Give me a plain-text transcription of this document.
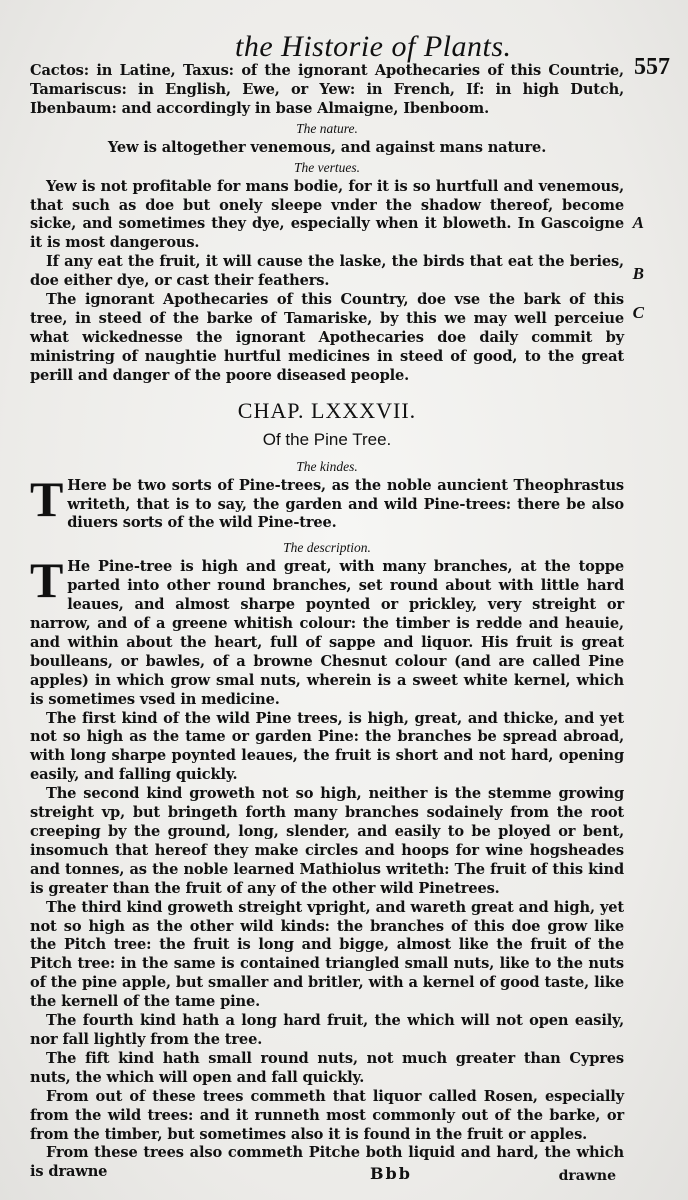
the Historie of Plants.
557

Cactos: in Latine, Taxus: of the ignorant Apothecaries of this Countrie, Tamariscus: in English, Ewe, or Yew: in French, If: in high Dutch, Ibenbaum: and accordingly in base Almaigne, Ibenboom.

The nature.

Yew is altogether venemous, and against mans nature.

The vertues.

Yew is not profitable for mans bodie, for it is so hurtfull and venemous, that such as doe but onely sleepe vnder the shadow thereof, become sicke, and sometimes they dye, especially when it bloweth. In Gascoigne it is most dangerous.

If any eat the fruit, it will cause the laske, the birds that eat the beries, doe either dye, or cast their feathers.

The ignorant Apothecaries of this Country, doe vse the bark of this tree, in steed of the barke of Tamariske, by this we may well perceiue what wickednesse the ignorant Apothecaries doe daily commit by ministring of naughtie hurtful medicines in steed of good, to the great perill and danger of the poore diseased people.

CHAP. LXXXVII.
Of the Pine Tree.
The kindes.

T Here be two sorts of Pine-trees, as the noble auncient Theophrastus writeth, that is to say, the garden and wild Pine-trees: there be also diuers sorts of the wild Pine-tree.

The description.

T He Pine-tree is high and great, with many branches, at the toppe parted into other round branches, set round about with little hard leaues, and almost sharpe poynted or prickley, very streight or narrow, and of a greene whitish colour: the timber is redde and heauie, and within about the heart, full of sappe and liquor. His fruit is great boulleans, or bawles, of a browne Chesnut colour (and are called Pine apples) in which grow smal nuts, wherein is a sweet white kernel, which is sometimes vsed in medicine.

The first kind of the wild Pine trees, is high, great, and thicke, and yet not so high as the tame or garden Pine: the branches be spread abroad, with long sharpe poynted leaues, the fruit is short and not hard, opening easily, and falling quickly.

The second kind groweth not so high, neither is the stemme growing streight vp, but bringeth forth many branches sodainely from the root creeping by the ground, long, slender, and easily to be ployed or bent, insomuch that hereof they make circles and hoops for wine hogsheades and tonnes, as the noble learned Mathiolus writeth: The fruit of this kind is greater than the fruit of any of the other wild Pinetrees.

The third kind groweth streight vpright, and wareth great and high, yet not so high as the other wild kinds: the branches of this doe grow like the Pitch tree: the fruit is long and bigge, almost like the fruit of the Pitch tree: in the same is contained triangled small nuts, like to the nuts of the pine apple, but smaller and britler, with a kernel of good taste, like the kernell of the tame pine.

The fourth kind hath a long hard fruit, the which will not open easily, nor fall lightly from the tree.

The fift kind hath small round nuts, not much greater than Cypres nuts, the which will open and fall quickly.

From out of these trees commeth that liquor called Rosen, especially from the wild trees: and it runneth most commonly out of the barke, or from the timber, but sometimes also it is found in the fruit or apples.

From these trees also commeth Pitche both liquid and hard, the which is drawne

A
B
C
Bbb	drawne
